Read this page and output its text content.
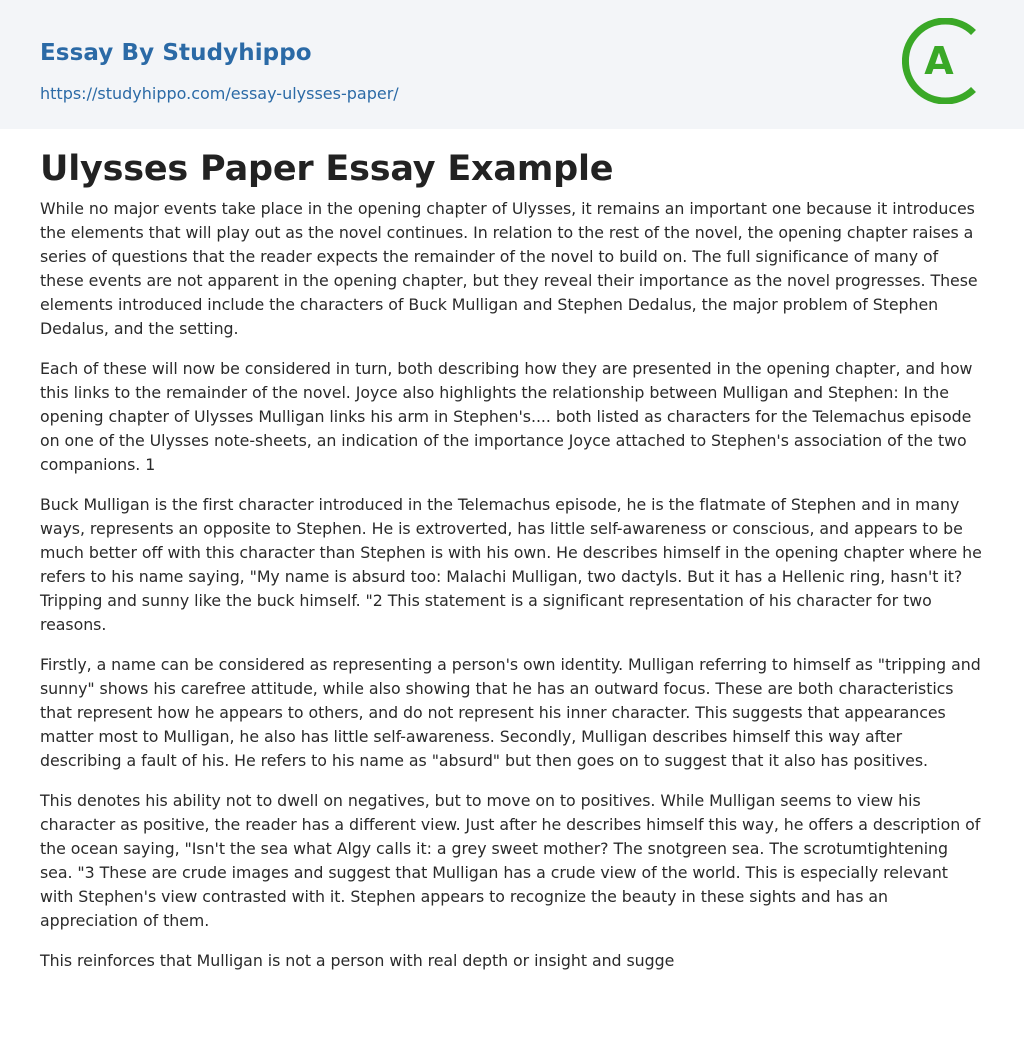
Essay By Studyhippo
https://studyhippo.com/essay-ulysses-paper/
A
Ulysses Paper Essay Example

While no major events take place in the opening chapter of Ulysses, it remains an important one because it introduces the elements that will play out as the novel continues. In relation to the rest of the novel, the opening chapter raises a series of questions that the reader expects the remainder of the novel to build on. The full significance of many of these events are not apparent in the opening chapter, but they reveal their importance as the novel progresses. These elements introduced include the characters of Buck Mulligan and Stephen Dedalus, the major problem of Stephen Dedalus, and the setting.

Each of these will now be considered in turn, both describing how they are presented in the opening chapter, and how this links to the remainder of the novel. Joyce also highlights the relationship between Mulligan and Stephen: In the opening chapter of Ulysses Mulligan links his arm in Stephen's.... both listed as characters for the Telemachus episode on one of the Ulysses note-sheets, an indication of the importance Joyce attached to Stephen's association of the two companions. 1

Buck Mulligan is the first character introduced in the Telemachus episode, he is the flatmate of Stephen and in many ways, represents an opposite to Stephen. He is extroverted, has little self-awareness or conscious, and appears to be much better off with this character than Stephen is with his own. He describes himself in the opening chapter where he refers to his name saying, "My name is absurd too: Malachi Mulligan, two dactyls. But it has a Hellenic ring, hasn't it? Tripping and sunny like the buck himself. "2 This statement is a significant representation of his character for two reasons.

Firstly, a name can be considered as representing a person's own identity. Mulligan referring to himself as "tripping and sunny" shows his carefree attitude, while also showing that he has an outward focus. These are both characteristics that represent how he appears to others, and do not represent his inner character. This suggests that appearances matter most to Mulligan, he also has little self-awareness. Secondly, Mulligan describes himself this way after describing a fault of his. He refers to his name as "absurd" but then goes on to suggest that it also has positives.

This denotes his ability not to dwell on negatives, but to move on to positives. While Mulligan seems to view his character as positive, the reader has a different view. Just after he describes himself this way, he offers a description of the ocean saying, "Isn't the sea what Algy calls it: a grey sweet mother? The snotgreen sea. The scrotumtightening sea. "3 These are crude images and suggest that Mulligan has a crude view of the world. This is especially relevant with Stephen's view contrasted with it. Stephen appears to recognize the beauty in these sights and has an appreciation of them.

This reinforces that Mulligan is not a person with real depth or insight and sugge
